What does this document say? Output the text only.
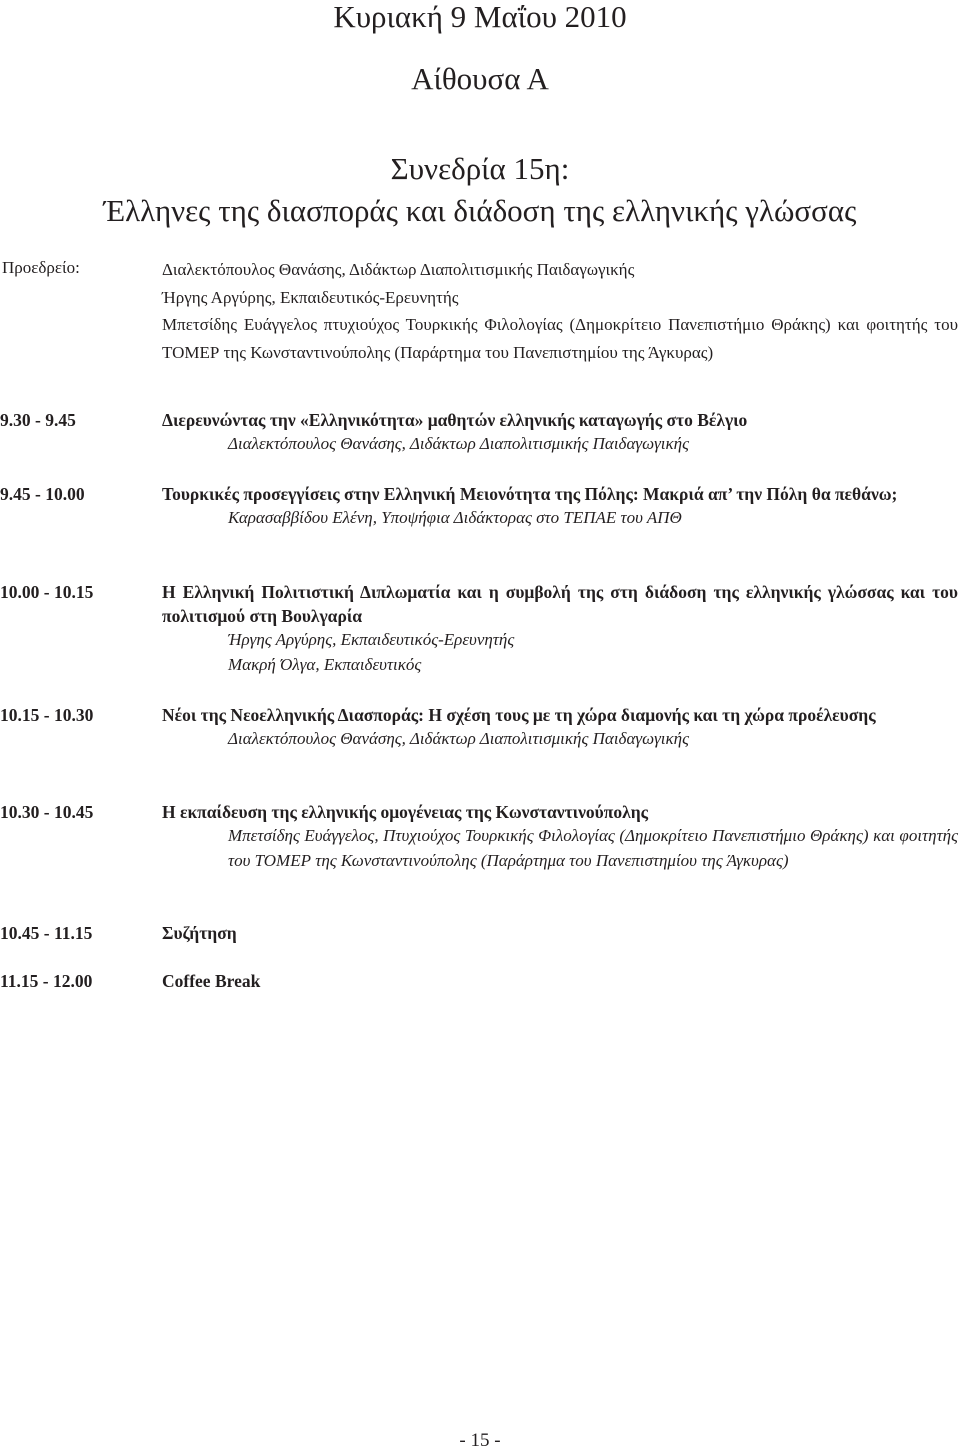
Κυριακή 9 Μαΐου 2010
Αίθουσα Α
Συνεδρία 15η:
Έλληνες της διασποράς και διάδοση της ελληνικής γλώσσας
Προεδρείο:	Διαλεκτόπουλος Θανάσης, Διδάκτωρ Διαπολιτισμικής Παιδαγωγικής
Ήργης Αργύρης, Εκπαιδευτικός-Ερευνητής
Μπετσίδης Ευάγγελος πτυχιούχος Τουρκικής Φιλολογίας (Δημοκρίτειο Πανεπιστήμιο Θράκης) και φοιτητής του ΤΟΜΕΡ της Κωνσταντινούπολης (Παράρτημα του Πανεπιστημίου της Άγκυρας)
9.30 - 9.45	Διερευνώντας την «Ελληνικότητα» μαθητών ελληνικής καταγωγής στο Βέλγιο
Διαλεκτόπουλος Θανάσης, Διδάκτωρ Διαπολιτισμικής Παιδαγωγικής
9.45 - 10.00	Τουρκικές προσεγγίσεις στην Ελληνική Μειονότητα της Πόλης: Μακριά απ’ την Πόλη θα πεθάνω;
Καρασαββίδου Ελένη, Υποψήφια Διδάκτορας στο ΤΕΠΑΕ του ΑΠΘ
10.00 - 10.15	Η Ελληνική Πολιτιστική Διπλωματία και η συμβολή της στη διάδοση της ελληνικής γλώσσας και του πολιτισμού στη Βουλγαρία
Ήργης Αργύρης, Εκπαιδευτικός-Ερευνητής
Μακρή Όλγα, Εκπαιδευτικός
10.15 - 10.30	Νέοι της Νεοελληνικής Διασποράς: Η σχέση τους με τη χώρα διαμονής και τη χώρα προέλευσης
Διαλεκτόπουλος Θανάσης, Διδάκτωρ Διαπολιτισμικής Παιδαγωγικής
10.30 - 10.45	Η εκπαίδευση της ελληνικής ομογένειας της Κωνσταντινούπολης
Μπετσίδης Ευάγγελος, Πτυχιούχος Τουρκικής Φιλολογίας (Δημοκρίτειο Πανεπιστήμιο Θράκης) και φοιτητής του ΤΟΜΕΡ της Κωνσταντινούπολης (Παράρτημα του Πανεπιστημίου της Άγκυρας)
10.45 - 11.15	Συζήτηση
11.15 - 12.00	Coffee Break
- 15 -
